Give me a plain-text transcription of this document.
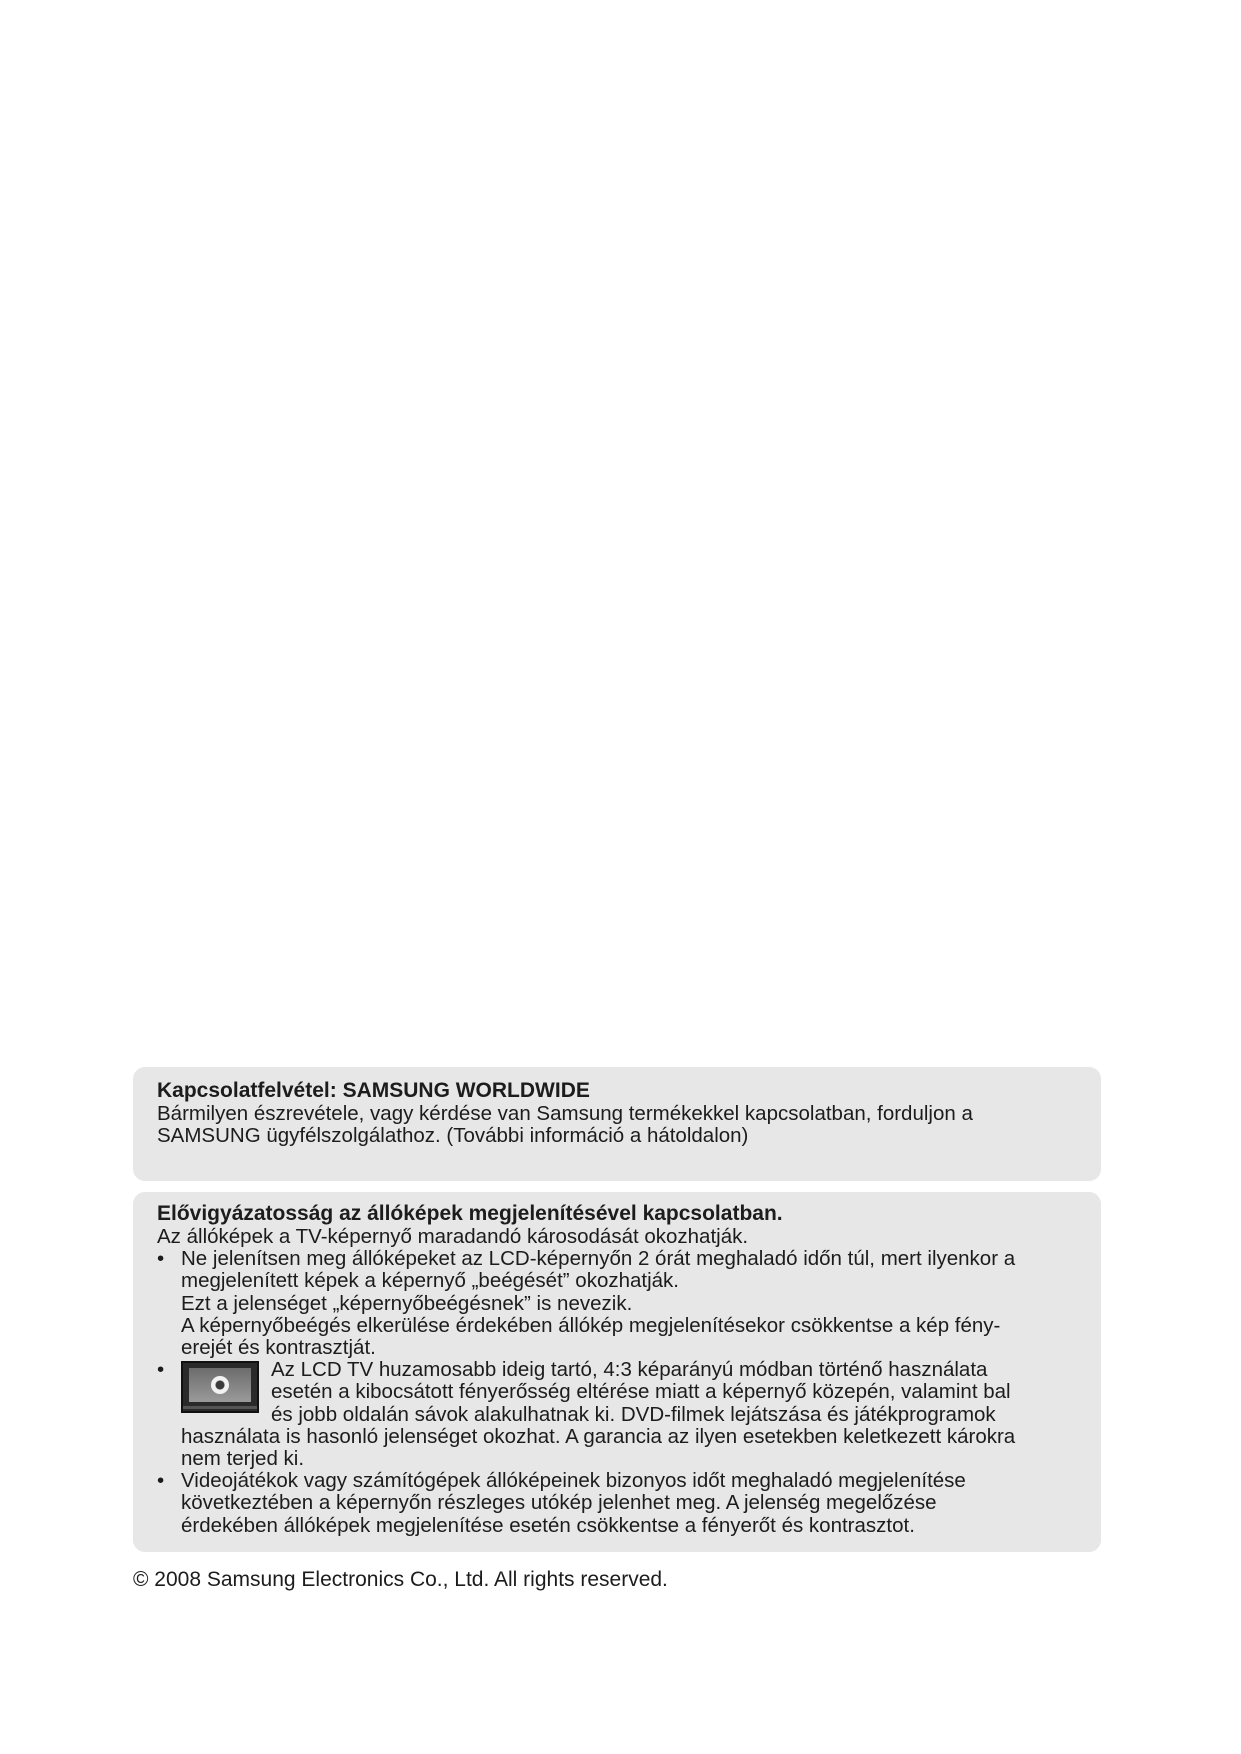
Kapcsolatfelvétel: SAMSUNG WORLDWIDE

Bármilyen észrevétele, vagy kérdése van Samsung termékekkel kapcsolatban, forduljon a

SAMSUNG ügyfélszolgálathoz. (További információ a hátoldalon)

Elővigyázatosság az állóképek megjelenítésével kapcsolatban.

Az állóképek a TV-képernyő maradandó károsodását okozhatják.

• Ne jelenítsen meg állóképeket az LCD-képernyőn 2 órát meghaladó időn túl, mert ilyenkor a

megjelenített képek a képernyő „beégését” okozhatják.

Ezt a jelenséget „képernyőbeégésnek” is nevezik.

A képernyőbeégés elkerülése érdekében állókép megjelenítésekor csökkentse a kép fény-

erejét és kontrasztját.

•	Az LCD TV huzamosabb ideig tartó, 4:3 képarányú módban történő használata

esetén a kibocsátott fényerősség eltérése miatt a képernyő közepén, valamint bal

és jobb oldalán sávok alakulhatnak ki. DVD-filmek lejátszása és játékprogramok

használata is hasonló jelenséget okozhat. A garancia az ilyen esetekben keletkezett károkra

nem terjed ki.

• Videojátékok vagy számítógépek állóképeinek bizonyos időt meghaladó megjelenítése

következtében a képernyőn részleges utókép jelenhet meg. A jelenség megelőzése

érdekében állóképek megjelenítése esetén csökkentse a fényerőt és kontrasztot.

© 2008 Samsung Electronics Co., Ltd. All rights reserved.
